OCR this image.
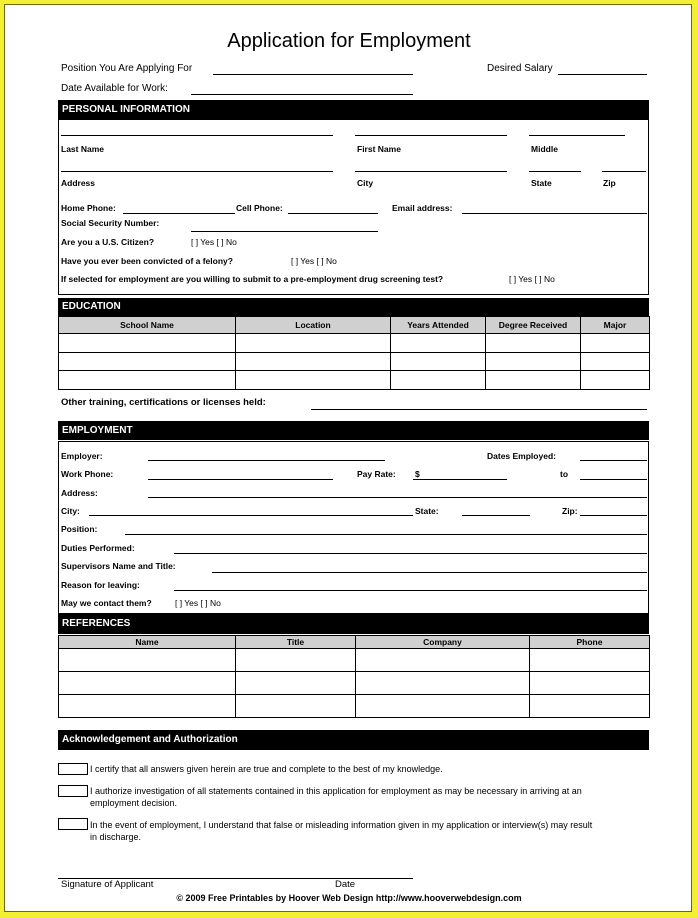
Application for Employment
Position You Are Applying For	Desired Salary
Date Available for Work:
PERSONAL INFORMATION
Last Name	First Name	Middle
Address	City	State	Zip
Home Phone:	Cell Phone:	Email address:
Social Security Number:
Are you a U.S. Citizen?	[ ] Yes [ ] No
Have you ever been convicted of a felony?	[ ] Yes [ ] No
If selected for employment are you willing to submit to a pre-employment drug screening test?	[ ] Yes [ ] No
EDUCATION
School Name	Location	Years Attended	Degree Received	Major

Other training, certifications or licenses held:
EMPLOYMENT
Employer:	Dates Employed:
Work Phone:	Pay Rate: $	to
Address:
City:	State:	Zip:
Position:
Duties Performed:
Supervisors Name and Title:
Reason for leaving:
May we contact them?	[ ] Yes [ ] No
REFERENCES
Name	Title	Company	Phone

Acknowledgement and Authorization
I certify that all answers given herein are true and complete to the best of my knowledge.
I authorize investigation of all statements contained in this application for employment as may be necessary in arriving at an employment decision.
In the event of employment, I understand that false or misleading information given in my application or interview(s) may result in discharge.
Signature of Applicant	Date
© 2009 Free Printables by Hoover Web Design http://www.hooverwebdesign.com
